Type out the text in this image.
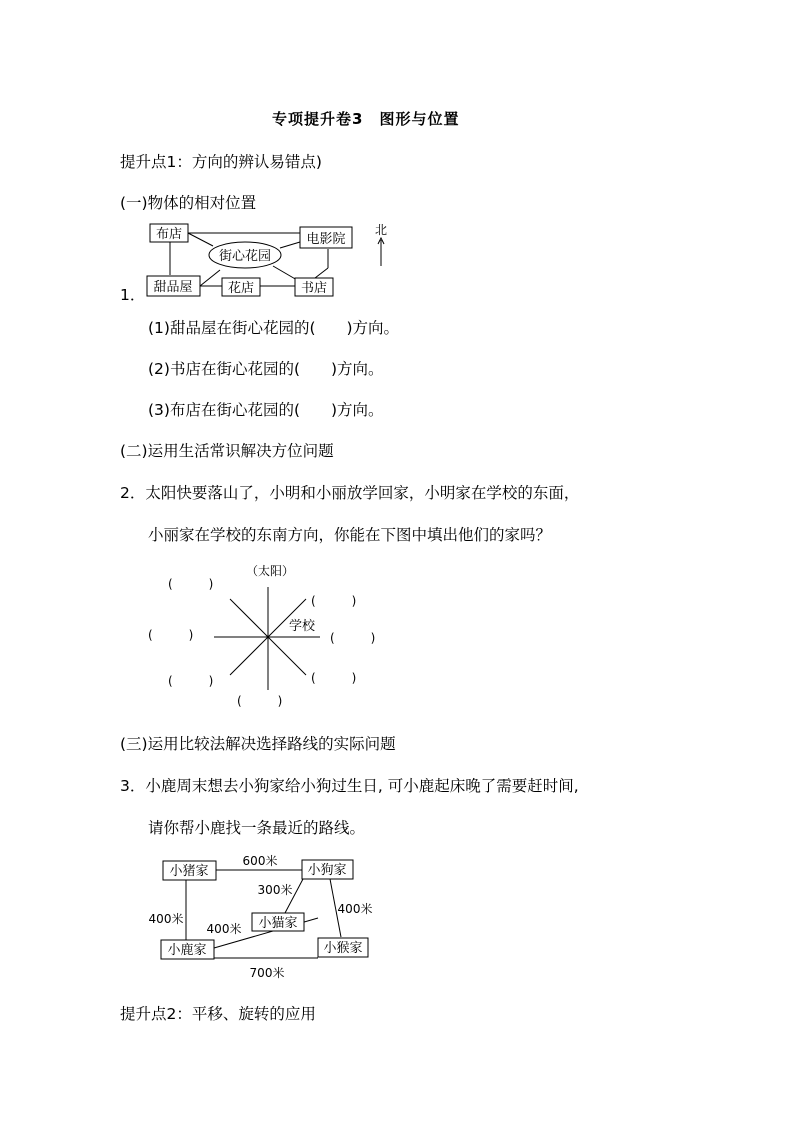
专项提升卷3　图形与位置
提升点1：方向的辨认易错点)
(一)物体的相对位置
布店	电影院
甜品屋	花店	书店
街心花园
北
1．
(1)甜品屋在街心花园的(　　)方向。
(2)书店在街心花园的(　　)方向。
(3)布店在街心花园的(　　)方向。
(二)运用生活常识解决方位问题
2．太阳快要落山了，小明和小丽放学回家，小明家在学校的东面，
小丽家在学校的东南方向，你能在下图中填出他们的家吗？
（太阳）
学校
(　　　)
(　　　)
(　　　)	(　　　)
(　　　)	(　　　)
(　　　)
(三)运用比较法解决选择路线的实际问题
3．小鹿周末想去小狗家给小狗过生日, 可小鹿起床晚了需要赶时间,
请你帮小鹿找一条最近的路线。
小猪家	小狗家
小猫家
小鹿家	小猴家
600米
300米
400米
400米
400米
700米
提升点2：平移、旋转的应用
